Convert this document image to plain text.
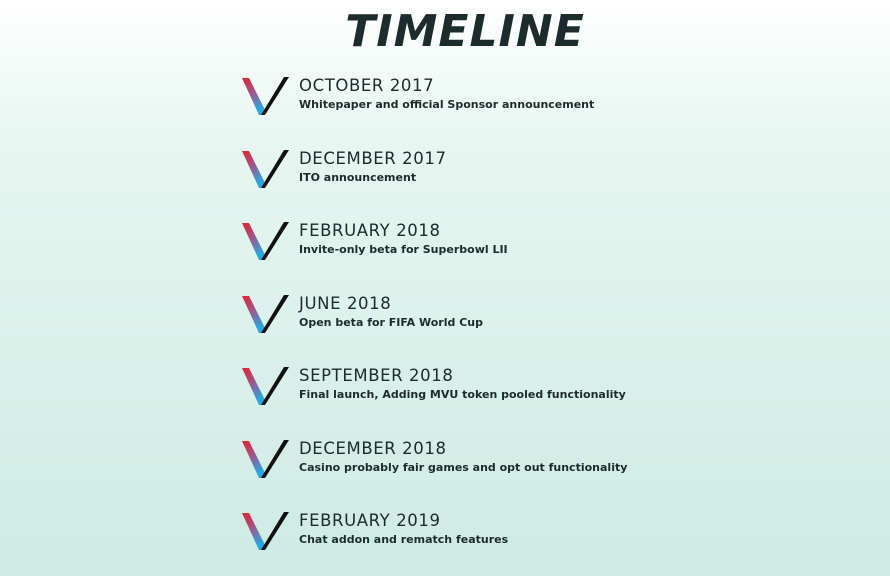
TIMELINE
OCTOBER 2017
Whitepaper and official Sponsor announcement
DECEMBER 2017
ITO announcement
FEBRUARY 2018
Invite-only beta for Superbowl LII
JUNE 2018
Open beta for FIFA World Cup
SEPTEMBER 2018
Final launch, Adding MVU token pooled functionality
DECEMBER 2018
Casino probably fair games and opt out functionality
FEBRUARY 2019
Chat addon and rematch features
